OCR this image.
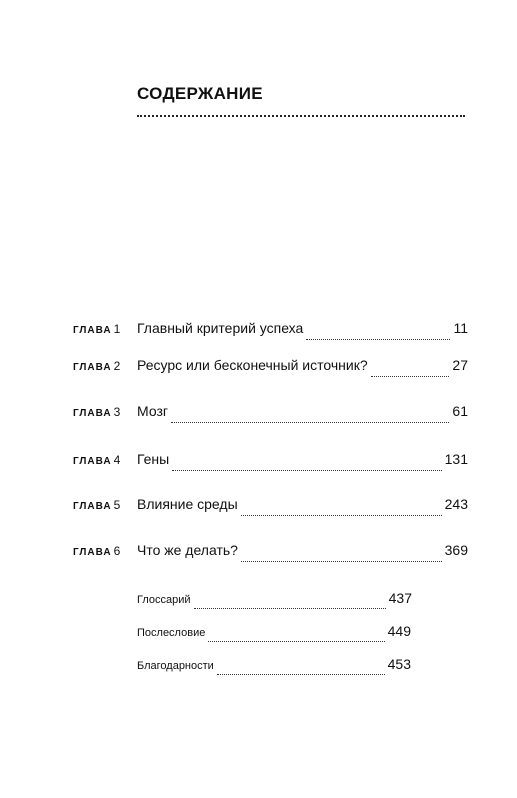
СОДЕРЖАНИЕ
ГЛАВА 1	Главный критерий успеха	11
ГЛАВА 2	Ресурс или бесконечный источник?	27
ГЛАВА 3	Мозг	61
ГЛАВА 4	Гены	131
ГЛАВА 5	Влияние среды	243
ГЛАВА 6	Что же делать?	369
Глоссарий	437
Послесловие	449
Благодарности	453
